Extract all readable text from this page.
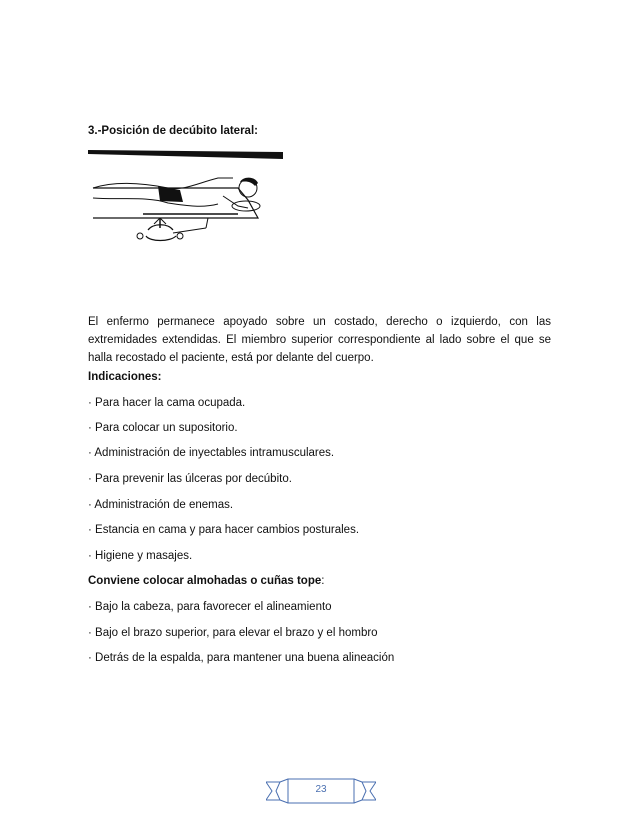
3.-Posición de decúbito lateral:
El enfermo permanece apoyado sobre un costado, derecho o izquierdo, con las extremidades extendidas. El miembro superior correspondiente al lado sobre el que se halla recostado el paciente, está por delante del cuerpo.
Indicaciones:
· Para hacer la cama ocupada.
· Para colocar un supositorio.
· Administración de inyectables intramusculares.
· Para prevenir las úlceras por decúbito.
· Administración de enemas.
· Estancia en cama y para hacer cambios posturales.
· Higiene y masajes.
Conviene colocar almohadas o cuñas tope:
· Bajo la cabeza, para favorecer el alineamiento
· Bajo el brazo superior, para elevar el brazo y el hombro
· Detrás de la espalda, para mantener una buena alineación
23
